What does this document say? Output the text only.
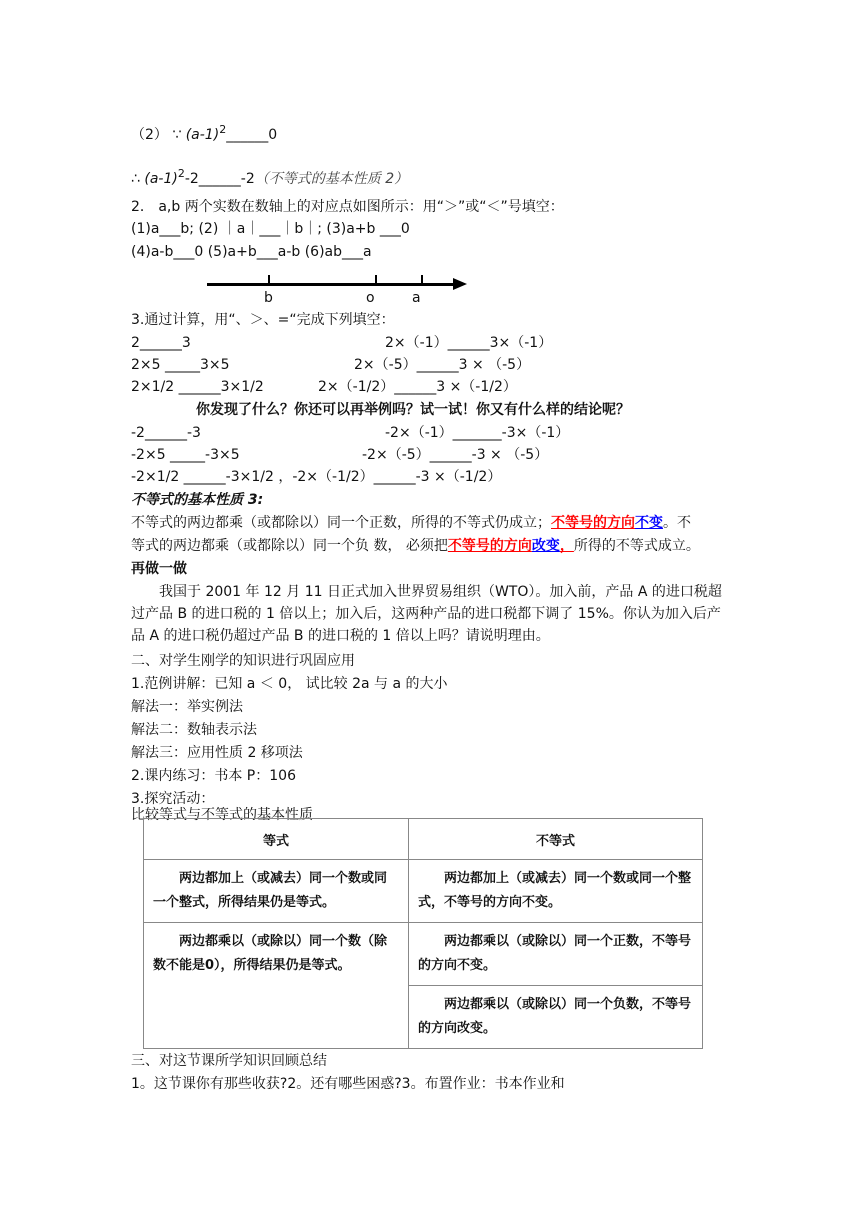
（2） ∵ $(a-1)^2\_\_\_\_\_\_0$
∴ $(a-1)^2-2\_\_\_\_\_\_-2$（不等式的基本性质 2）
2． a,b 两个实数在数轴上的对应点如图所示：用“＞”或“＜”号填空：
(1)a___b; (2) ｜a｜___｜b｜; (3)a+b ___0
(4)a-b___0 (5)a+b___a-b (6)ab___a
b	o	a
3.通过计算，用“、＞、=“完成下列填空：
2______3	2×（-1）______3×（-1）
2×5 _____3×5	2×（-5）______3 × （-5）
2×1/2 ______3×1/2	2×（-1/2）______3 ×（-1/2）
你发现了什么？你还可以再举例吗？试一试！你又有什么样的结论呢？
-2______-3	-2×（-1）_______-3×（-1）
-2×5 _____-3×5	-2×（-5）______-3 × （-5）
-2×1/2 ______-3×1/2 ，-2×（-1/2）______-3 ×（-1/2）
不等式的基本性质 3:
不等式的两边都乘（或都除以）同一个正数，所得的不等式仍成立；不等号的方向不变。不
等式的两边都乘（或都除以）同一个负 数， 必须把不等号的方向改变，所得的不等式成立。
再做一做
我国于 2001 年 12 月 11 日正式加入世界贸易组织（WTO）。加入前，产品 A 的进口税超过产品 B 的进口税的 1 倍以上；加入后，这两种产品的进口税都下调了 15%。你认为加入后产品 A 的进口税仍超过产品 B 的进口税的 1 倍以上吗？请说明理由。
二、对学生刚学的知识进行巩固应用
1.范例讲解：已知 a ＜ 0， 试比较 2a 与 a 的大小
解法一：举实例法
解法二：数轴表示法
解法三：应用性质 2 移项法
2.课内练习：书本 P：106
3.探究活动：
比较等式与不等式的基本性质
等式	不等式

两边都加上（或减去）同一个数或同一个整式，所得结果仍是等式。	两边都加上（或减去）同一个数或同一个整式，不等号的方向不变。

两边都乘以（或除以）同一个数（除数不能是0），所得结果仍是等式。	两边都乘以（或除以）同一个正数，不等号的方向不变。

	两边都乘以（或除以）同一个负数，不等号的方向改变。
三、对这节课所学知识回顾总结
1。这节课你有那些收获?2。还有哪些困惑?3。布置作业：书本作业和
